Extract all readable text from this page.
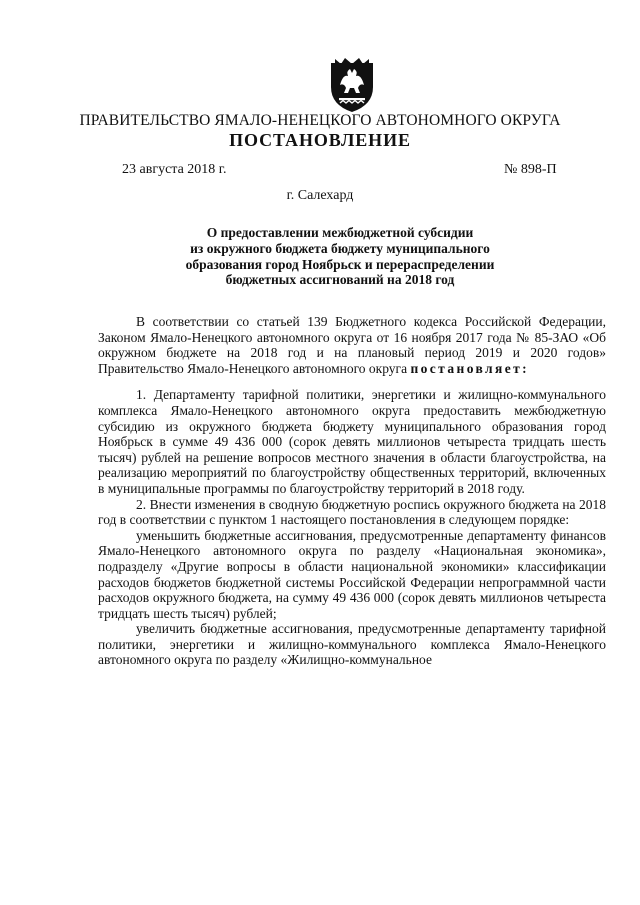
ПРАВИТЕЛЬСТВО ЯМАЛО-НЕНЕЦКОГО АВТОНОМНОГО ОКРУГА
ПОСТАНОВЛЕНИЕ
23 августа 2018 г.	№ 898-П
г. Салехард
О предоставлении межбюджетной субсидии
из окружного бюджета бюджету муниципального
образования город Ноябрьск и перераспределении
бюджетных ассигнований на 2018 год

В соответствии со статьей 139 Бюджетного кодекса Российской Федерации, Законом Ямало-Ненецкого автономного округа от 16 ноября 2017 года № 85-ЗАО «Об окружном бюджете на 2018 год и на плановый период 2019 и 2020 годов» Правительство Ямало-Ненецкого автономного округа постановляет:

1. Департаменту тарифной политики, энергетики и жилищно-коммунального комплекса Ямало-Ненецкого автономного округа предоставить межбюджетную субсидию из окружного бюджета бюджету муниципального образования город Ноябрьск в сумме 49 436 000 (сорок девять миллионов четыреста тридцать шесть тысяч) рублей на решение вопросов местного значения в области благоустройства, на реализацию мероприятий по благоустройству общественных территорий, включенных в муниципальные программы по благоустройству территорий в 2018 году.

2. Внести изменения в сводную бюджетную роспись окружного бюджета на 2018 год в соответствии с пунктом 1 настоящего постановления в следующем порядке:

уменьшить бюджетные ассигнования, предусмотренные департаменту финансов Ямало-Ненецкого автономного округа по разделу «Национальная экономика», подразделу «Другие вопросы в области национальной экономики» классификации расходов бюджетов бюджетной системы Российской Федерации непрограммной части расходов окружного бюджета, на сумму 49 436 000 (сорок девять миллионов четыреста тридцать шесть тысяч) рублей;

увеличить бюджетные ассигнования, предусмотренные департаменту тарифной политики, энергетики и жилищно-коммунального комплекса Ямало-Ненецкого автономного округа по разделу «Жилищно-коммунальное
